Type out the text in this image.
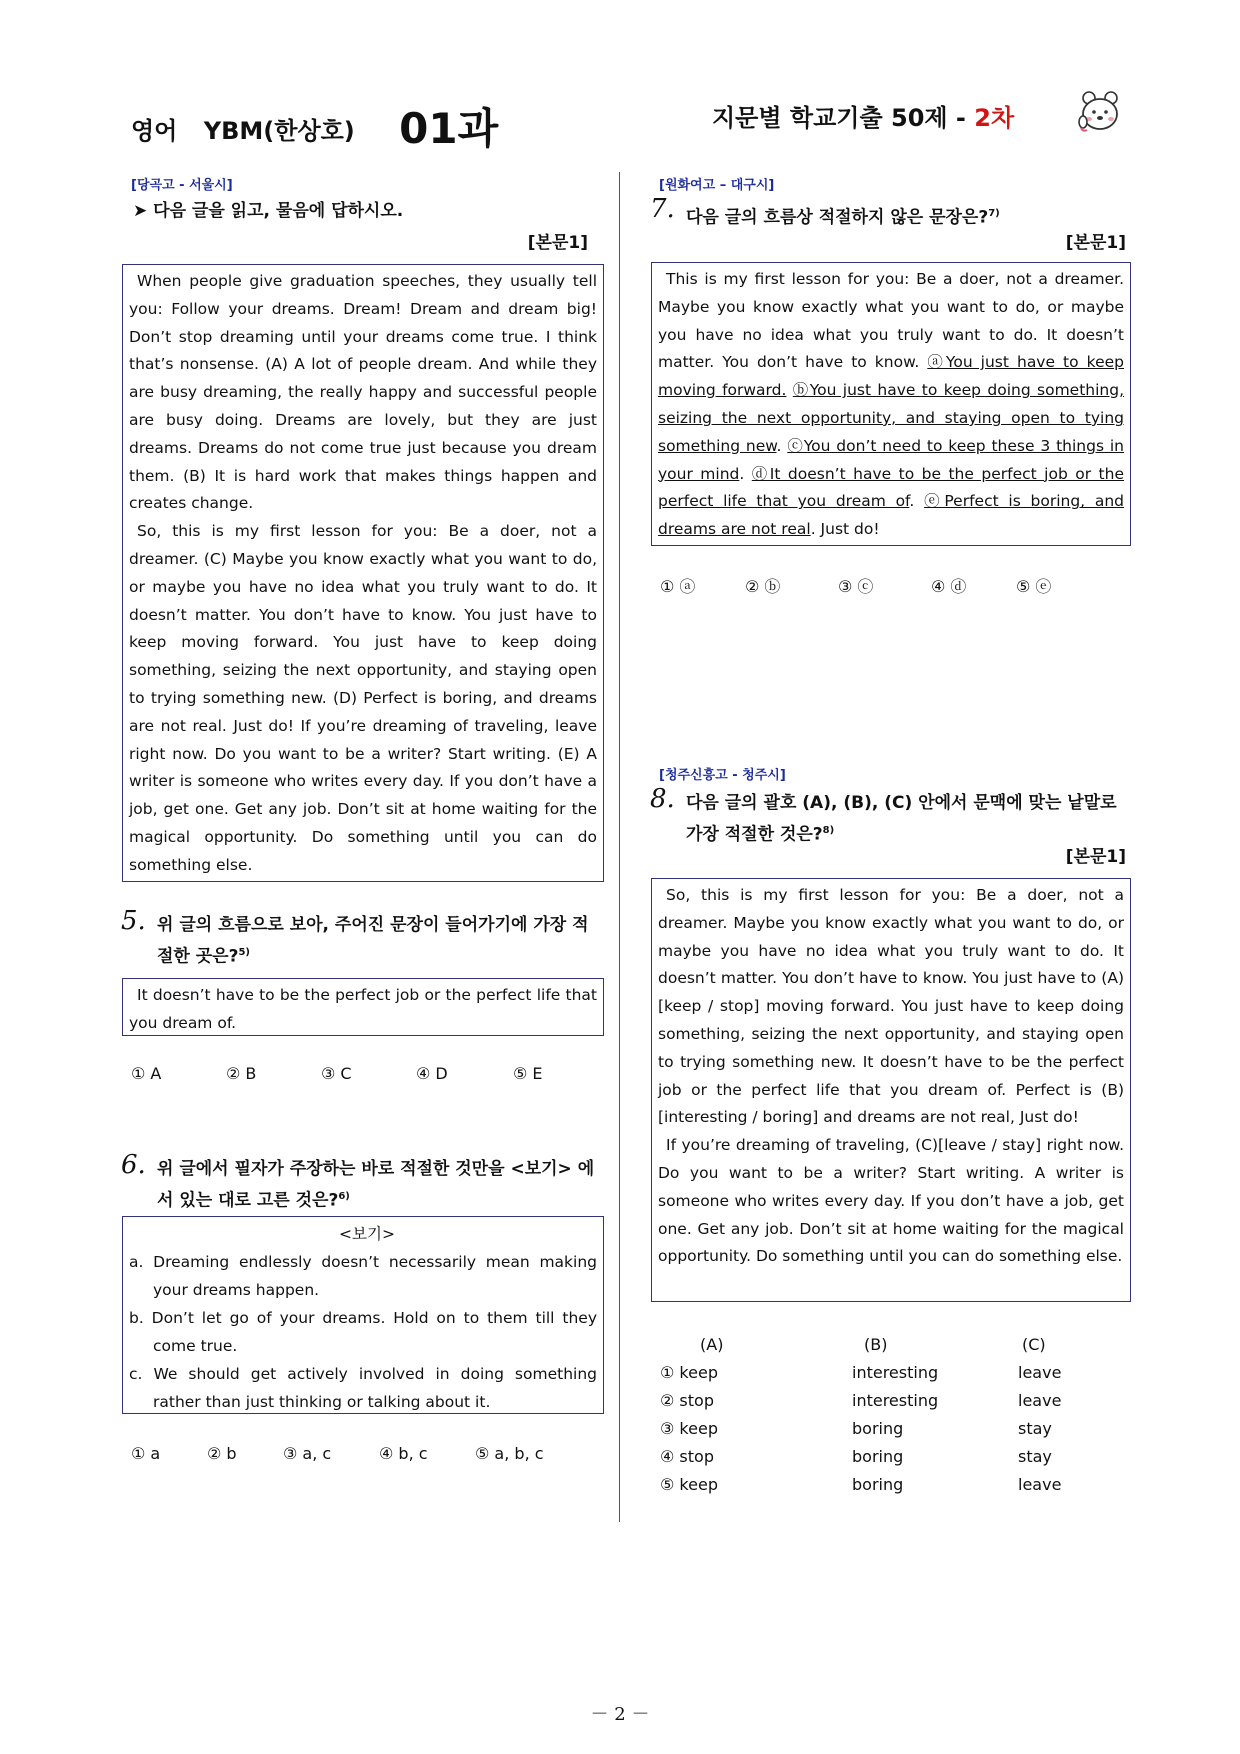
영어 YBM(한상호) 01과	지문별 학교기출 50제 - 2차
[당곡고 - 서울시]
➤ 다음 글을 읽고, 물음에 답하시오.
[본문1]

When people give graduation speeches, they usually tell you: Follow your dreams. Dream! Dream and dream big! Don’t stop dreaming until your dreams come true. I think that’s nonsense. (A) A lot of people dream. And while they are busy dreaming, the really happy and successful people are busy doing. Dreams are lovely, but they are just dreams. Dreams do not come true just because you dream them. (B) It is hard work that makes things happen and creates change.

So, this is my first lesson for you: Be a doer, not a dreamer. (C) Maybe you know exactly what you want to do, or maybe you have no idea what you truly want to do. It doesn’t matter. You don’t have to know. You just have to keep moving forward. You just have to keep doing something, seizing the next opportunity, and staying open to trying something new. (D) Perfect is boring, and dreams are not real. Just do! If you’re dreaming of traveling, leave right now. Do you want to be a writer? Start writing. (E) A writer is someone who writes every day. If you don’t have a job, get one. Get any job. Don’t sit at home waiting for the magical opportunity. Do something until you can do something else.

5. 위 글의 흐름으로 보아, 주어진 문장이 들어가기에 가장 적절한 곳은?$^{5)}$

It doesn’t have to be the perfect job or the perfect life that you dream of.

① A	② B	③ C	④ D	⑤ E
6. 위 글에서 필자가 주장하는 바로 적절한 것만을 <보기> 에서 있는 대로 고른 것은?$^{6)}$

<보기>

a. Dreaming endlessly doesn’t necessarily mean making your dreams happen.

b. Don’t let go of your dreams. Hold on to them till they come true.

c. We should get actively involved in doing something rather than just thinking or talking about it.

① a	② b	③ a, c	④ b, c	⑤ a, b, c
[원화여고 – 대구시]
7. 다음 글의 흐름상 적절하지 않은 문장은?$^{7)}$
[본문1]

This is my first lesson for you: Be a doer, not a dreamer. Maybe you know exactly what you want to do, or maybe you have no idea what you truly want to do. It doesn’t matter. You don’t have to know. ⓐYou just have to keep moving forward. ⓑYou just have to keep doing something, seizing the next opportunity, and staying open to tying something new. ⓒYou don’t need to keep these 3 things in your mind. ⓓIt doesn’t have to be the perfect job or the perfect life that you dream of. ⓔPerfect is boring, and dreams are not real. Just do!

① ⓐ	② ⓑ	③ ⓒ	④ ⓓ	⑤ ⓔ
[청주신흥고 - 청주시]
8. 다음 글의 괄호 (A), (B), (C) 안에서 문맥에 맞는 낱말로 가장 적절한 것은?$^{8)}$
[본문1]

So, this is my first lesson for you: Be a doer, not a dreamer. Maybe you know exactly what you want to do, or maybe you have no idea what you truly want to do. It doesn’t matter. You don’t have to know. You just have to (A)[keep / stop] moving forward. You just have to keep doing something, seizing the next opportunity, and staying open to trying something new. It doesn’t have to be the perfect job or the perfect life that you dream of. Perfect is (B)[interesting / boring] and dreams are not real, Just do!

If you’re dreaming of traveling, (C)[leave / stay] right now. Do you want to be a writer? Start writing. A writer is someone who writes every day. If you don’t have a job, get one. Get any job. Don’t sit at home waiting for the magical opportunity. Do something until you can do something else.

(A)	(B)	(C)
① keep	interesting	leave
② stop	interesting	leave
③ keep	boring	stay
④ stop	boring	stay
⑤ keep	boring	leave
－ 2 －
